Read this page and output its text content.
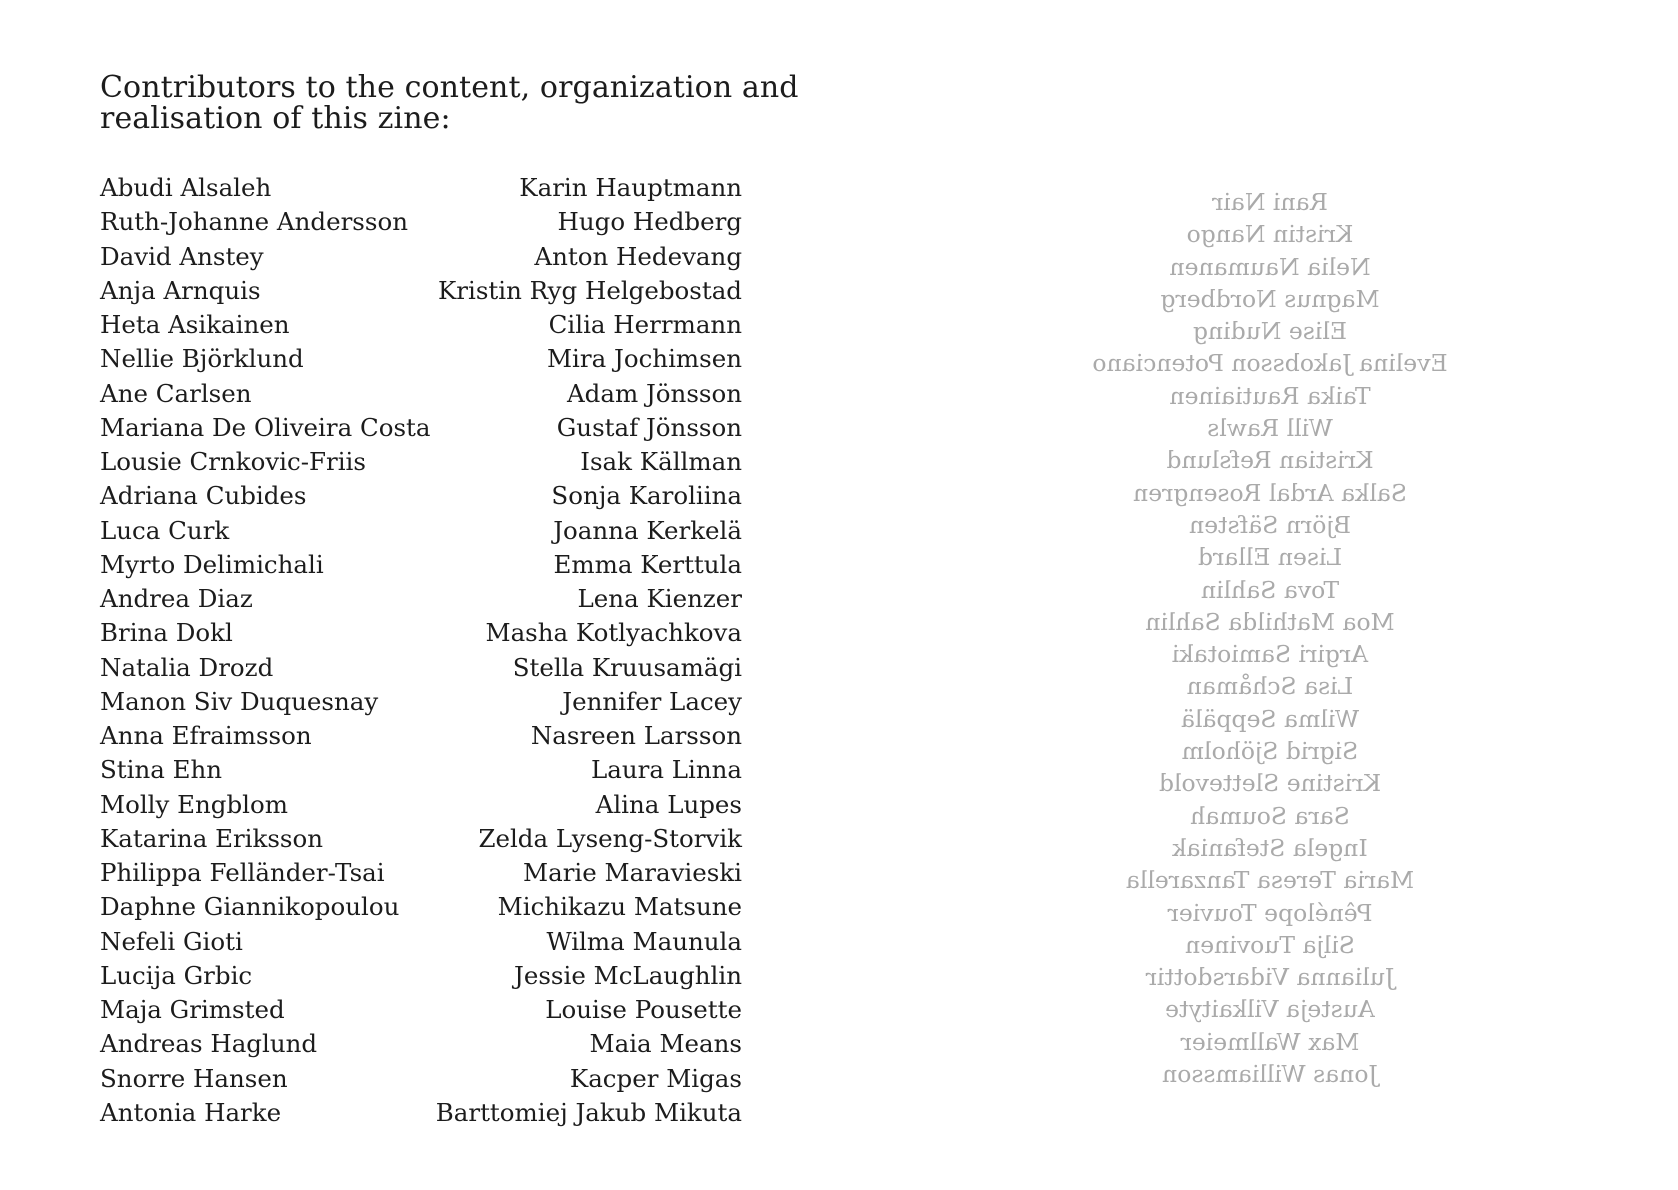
Contributors to the content, organization and
realisation of this zine:
Abudi Alsaleh
Ruth-Johanne Andersson
David Anstey
Anja Arnquis
Heta Asikainen
Nellie Björklund
Ane Carlsen
Mariana De Oliveira Costa
Lousie Crnkovic-Friis
Adriana Cubides
Luca Curk
Myrto Delimichali
Andrea Diaz
Brina Dokl
Natalia Drozd
Manon Siv Duquesnay
Anna Efraimsson
Stina Ehn
Molly Engblom
Katarina Eriksson
Philippa Felländer-Tsai
Daphne Giannikopoulou
Nefeli Gioti
Lucija Grbic
Maja Grimsted
Andreas Haglund
Snorre Hansen
Antonia Harke
Karin Hauptmann
Hugo Hedberg
Anton Hedevang
Kristin Ryg Helgebostad
Cilia Herrmann
Mira Jochimsen
Adam Jönsson
Gustaf Jönsson
Isak Källman
Sonja Karoliina
Joanna Kerkelä
Emma Kerttula
Lena Kienzer
Masha Kotlyachkova
Stella Kruusamägi
Jennifer Lacey
Nasreen Larsson
Laura Linna
Alina Lupes
Zelda Lyseng-Storvik
Marie Maravieski
Michikazu Matsune
Wilma Maunula
Jessie McLaughlin
Louise Pousette
Maia Means
Kacper Migas
Barttomiej Jakub Mikuta
Rani Nair
Kristin Nango
Nelia Naumanen
Magnus Nordberg
Elise Nuding
Evelina Jakobsson Potenciano
Taika Rautiainen
Will Rawls
Kristian Refslund
Salka Ardal Rosengren
Björn Säfsten
Lisen Ellard
Tova Sahlin
Moa Mathilda Sahlin
Argiri Samiotaki
Lisa Schåman
Wilma Seppälä
Sigrid Sjöholm
Kristine Slettevold
Sara Soumah
Ingela Stefaniak
Maria Teresa Tanzarella
Pênélope Touvier
Silja Tuovinen
Julianna Vidarsdottir
Austeja Vilkaityte
Max Wallmeier
Jonas Williamsson
